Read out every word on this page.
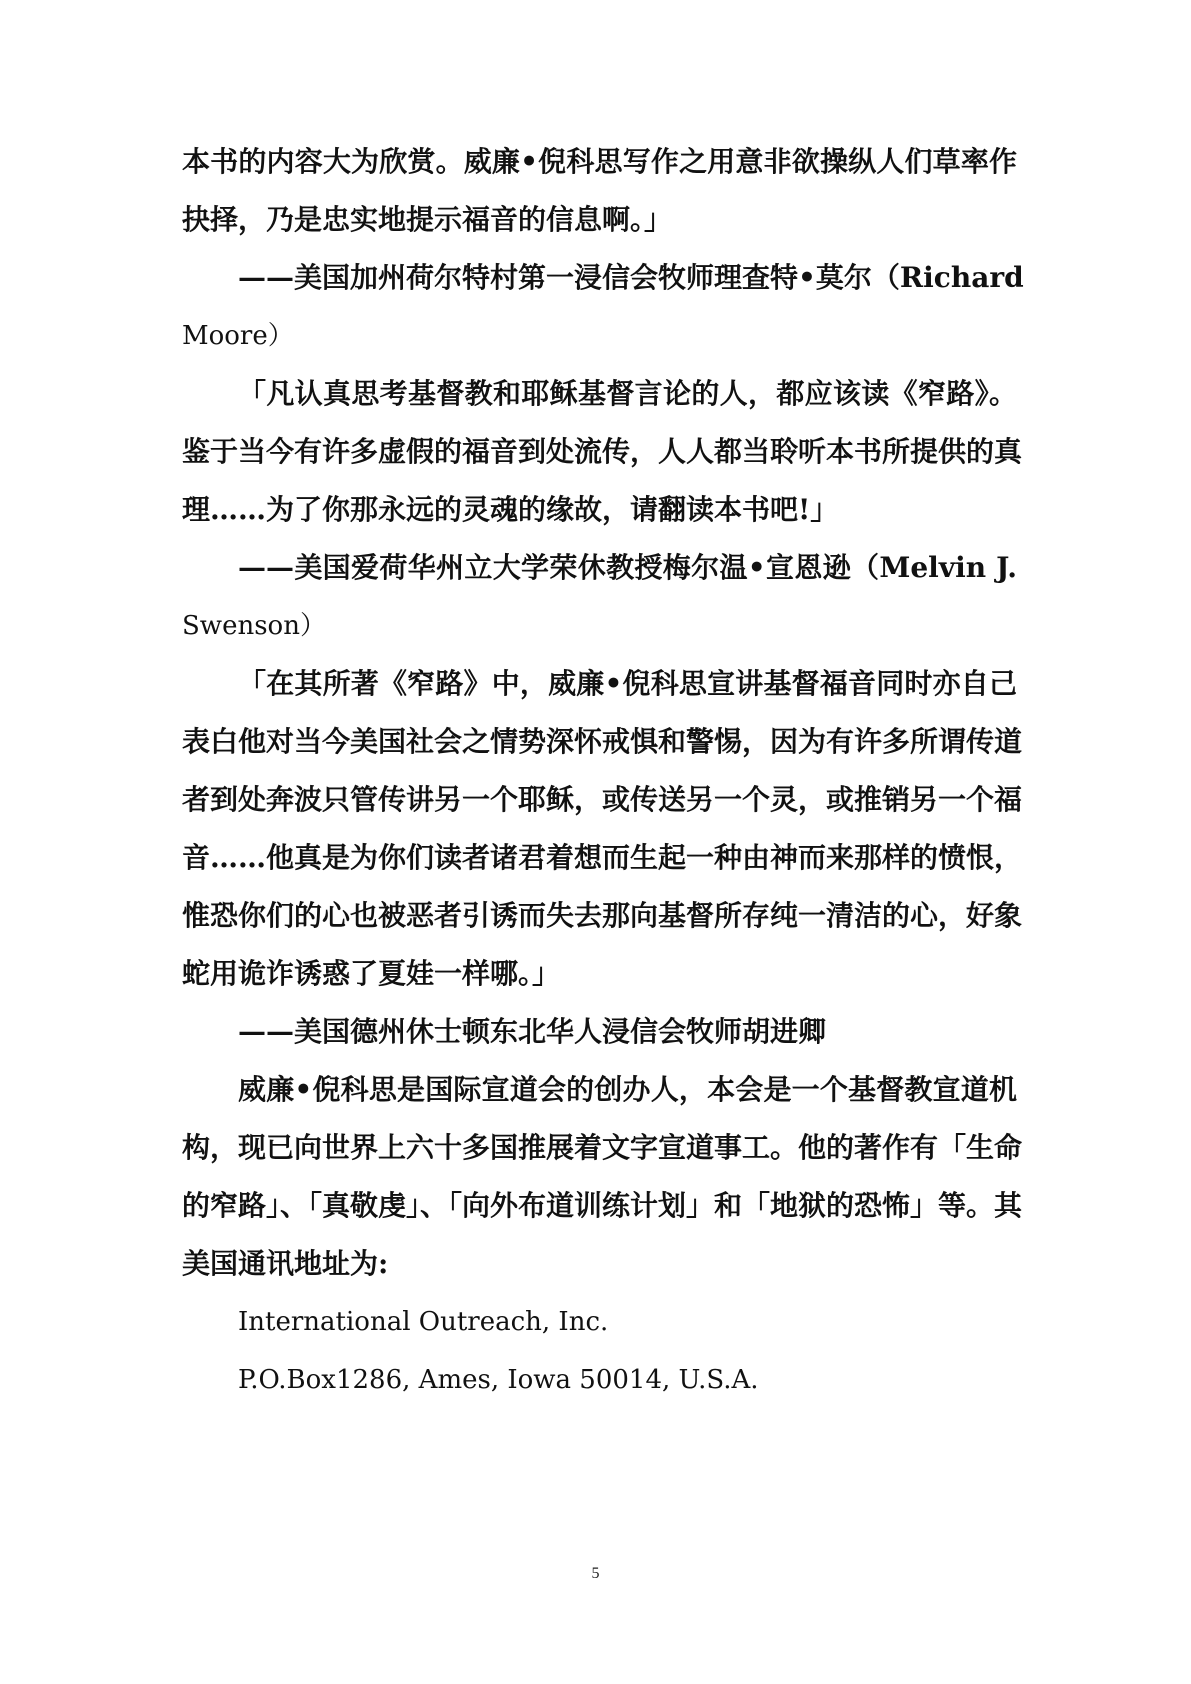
本书的内容大为欣赏。威廉•倪科思写作之用意非欲操纵人们草率作
抉择，乃是忠实地提示福音的信息啊。」
——美国加州荷尔特村第一浸信会牧师理查特•莫尔（Richard
Moore）
「凡认真思考基督教和耶稣基督言论的人，都应该读《窄路》。
鉴于当今有许多虚假的福音到处流传，人人都当聆听本书所提供的真
理……为了你那永远的灵魂的缘故，请翻读本书吧!」
——美国爱荷华州立大学荣休教授梅尔温•宣恩逊（Melvin J.
Swenson）
「在其所著《窄路》中，威廉•倪科思宣讲基督福音同时亦自己
表白他对当今美国社会之情势深怀戒惧和警惕，因为有许多所谓传道
者到处奔波只管传讲另一个耶稣，或传送另一个灵，或推销另一个福
音……他真是为你们读者诸君着想而生起一种由神而来那样的愤恨，
惟恐你们的心也被恶者引诱而失去那向基督所存纯一清洁的心，好象
蛇用诡诈诱惑了夏娃一样哪。」
——美国德州休士顿东北华人浸信会牧师胡进卿
威廉•倪科思是国际宣道会的创办人，本会是一个基督教宣道机
构，现已向世界上六十多国推展着文字宣道事工。他的著作有「生命
的窄路」、「真敬虔」、「向外布道训练计划」和「地狱的恐怖」等。其
美国通讯地址为:
International Outreach, Inc.
P.O.Box1286, Ames, Iowa 50014, U.S.A.
5
